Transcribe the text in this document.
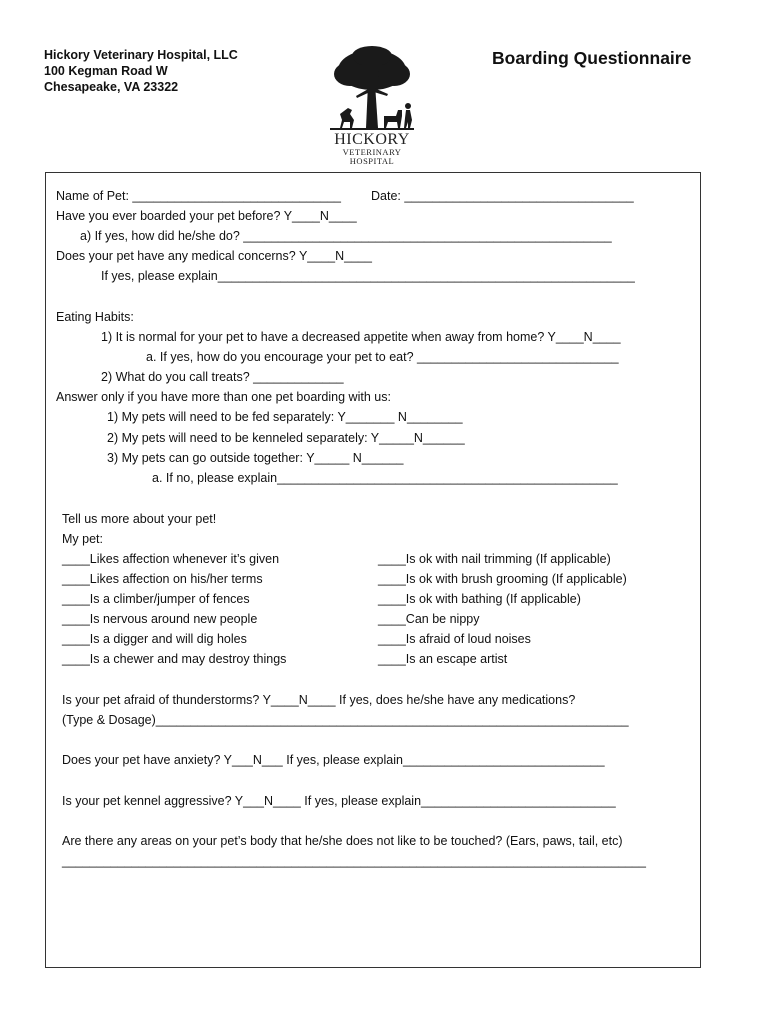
Hickory Veterinary Hospital, LLC
100 Kegman Road W
Chesapeake, VA 23322
Boarding Questionnaire
HICKORY
VETERINARY
HOSPITAL
Name of Pet: ______________________________ Date: _________________________________
Have you ever boarded your pet before? Y____N____
a) If yes, how did he/she do? _____________________________________________________
Does your pet have any medical concerns? Y____N____
If yes, please explain____________________________________________________________
Eating Habits:
1) It is normal for your pet to have a decreased appetite when away from home? Y____N____
a. If yes, how do you encourage your pet to eat? _____________________________
2) What do you call treats? _____________
Answer only if you have more than one pet boarding with us:
1) My pets will need to be fed separately: Y_______ N________
2) My pets will need to be kenneled separately: Y_____N______
3) My pets can go outside together: Y_____ N______
a. If no, please explain_________________________________________________
Tell us more about your pet!
My pet:
____Likes affection whenever it’s given
____Likes affection on his/her terms
____Is a climber/jumper of fences
____Is nervous around new people
____Is a digger and will dig holes
____Is a chewer and may destroy things
____Is ok with nail trimming (If applicable)
____Is ok with brush grooming (If applicable)
____Is ok with bathing (If applicable)
____Can be nippy
____Is afraid of loud noises
____Is an escape artist
Is your pet afraid of thunderstorms? Y____N____ If yes, does he/she have any medications?
(Type & Dosage)____________________________________________________________________
Does your pet have anxiety? Y___N___ If yes, please explain_____________________________
Is your pet kennel aggressive? Y___N____ If yes, please explain____________________________
Are there any areas on your pet’s body that he/she does not like to be touched? (Ears, paws, tail, etc)
____________________________________________________________________________________
